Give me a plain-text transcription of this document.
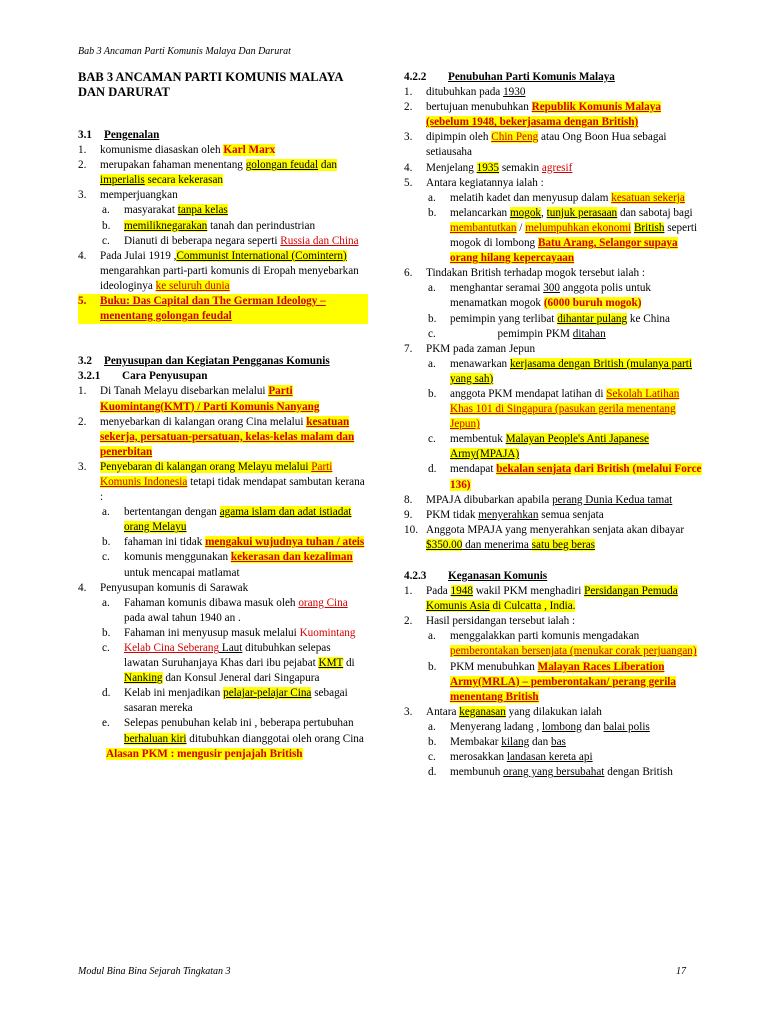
Bab 3 Ancaman Parti Komunis Malaya Dan Darurat
BAB 3 ANCAMAN PARTI KOMUNIS MALAYA DAN DARURAT
3.1 Pengenalan
1. komunisme diasaskan oleh Karl Marx
2. merupakan fahaman menentang golongan feudal dan imperialis secara kekerasan
3. memperjuangkan
a. masyarakat tanpa kelas
b. memiliknegarakan tanah dan perindustrian
c. Dianuti di beberapa negara seperti Russia dan China
4. Pada Julai 1919 ,Communist International (Comintern) mengarahkan parti-parti komunis di Eropah menyebarkan ideologinya ke seluruh dunia
5. Buku: Das Capital dan The German Ideology – menentang golongan feudal
3.2 Penyusupan dan Kegiatan Pengganas Komunis
3.2.1 Cara Penyusupan
1. Di Tanah Melayu disebarkan melalui Parti Kuomintang(KMT) / Parti Komunis Nanyang
2. menyebarkan di kalangan orang Cina melalui kesatuan sekerja, persatuan-persatuan, kelas-kelas malam dan penerbitan
3. Penyebaran di kalangan orang Melayu melalui Parti Komunis Indonesia tetapi tidak mendapat sambutan kerana :
a. bertentangan dengan agama islam dan adat istiadat orang Melayu
b. fahaman ini tidak mengakui wujudnya tuhan / ateis
c. komunis menggunakan kekerasan dan kezaliman untuk mencapai matlamat
4. Penyusupan komunis di Sarawak
a. Fahaman komunis dibawa masuk oleh orang Cina pada awal tahun 1940 an .
b. Fahaman ini menyusup masuk melalui Kuomintang
c. Kelab Cina Seberang Laut ditubuhkan selepas lawatan Suruhanjaya Khas dari ibu pejabat KMT di Nanking dan Konsul Jeneral dari Singapura
d. Kelab ini menjadikan pelajar-pelajar Cina sebagai sasaran mereka
e. Selepas penubuhan kelab ini , beberapa pertubuhan berhaluan kiri ditubuhkan dianggotai oleh orang Cina
Alasan PKM : mengusir penjajah British
4.2.2 Penubuhan Parti Komunis Malaya
1. ditubuhkan pada 1930
2. bertujuan menubuhkan Republik Komunis Malaya (sebelum 1948, bekerjasama dengan British)
3. dipimpin oleh Chin Peng atau Ong Boon Hua sebagai setiausaha
4. Menjelang 1935 semakin agresif
5. Antara kegiatannya ialah :
a. melatih kadet dan menyusup dalam kesatuan sekerja
b. melancarkan mogok, tunjuk perasaan dan sabotaj bagi membantutkan / melumpuhkan ekonomi British seperti mogok di lombong Batu Arang, Selangor supaya orang hilang kepercayaan
6. Tindakan British terhadap mogok tersebut ialah :
a. menghantar seramai 300 anggota polis untuk menamatkan mogok (6000 buruh mogok)
b. pemimpin yang terlibat dihantar pulang ke China
c. pemimpin PKM ditahan
7. PKM pada zaman Jepun
a. menawarkan kerjasama dengan British (mulanya parti yang sah)
b. anggota PKM mendapat latihan di Sekolah Latihan Khas 101 di Singapura (pasukan gerila menentang Jepun)
c. membentuk Malayan People's Anti Japanese Army(MPAJA)
d. mendapat bekalan senjata dari British (melalui Force 136)
8. MPAJA dibubarkan apabila perang Dunia Kedua tamat
9. PKM tidak menyerahkan semua senjata
10. Anggota MPAJA yang menyerahkan senjata akan dibayar $350.00 dan menerima satu beg beras
4.2.3 Keganasan Komunis
1. Pada 1948 wakil PKM menghadiri Persidangan Pemuda Komunis Asia di Culcatta , India.
2. Hasil persidangan tersebut ialah :
a. menggalakkan parti komunis mengadakan pemberontakan bersenjata (menukar corak perjuangan)
b. PKM menubuhkan Malayan Races Liberation Army(MRLA) – pemberontakan/ perang gerila menentang British
3. Antara keganasan yang dilakukan ialah
a. Menyerang ladang , lombong dan balai polis
b. Membakar kilang dan bas
c. merosakkan landasan kereta api
d. membunuh orang yang bersubahat dengan British
Modul Bina Bina Sejarah Tingkatan 3	17
